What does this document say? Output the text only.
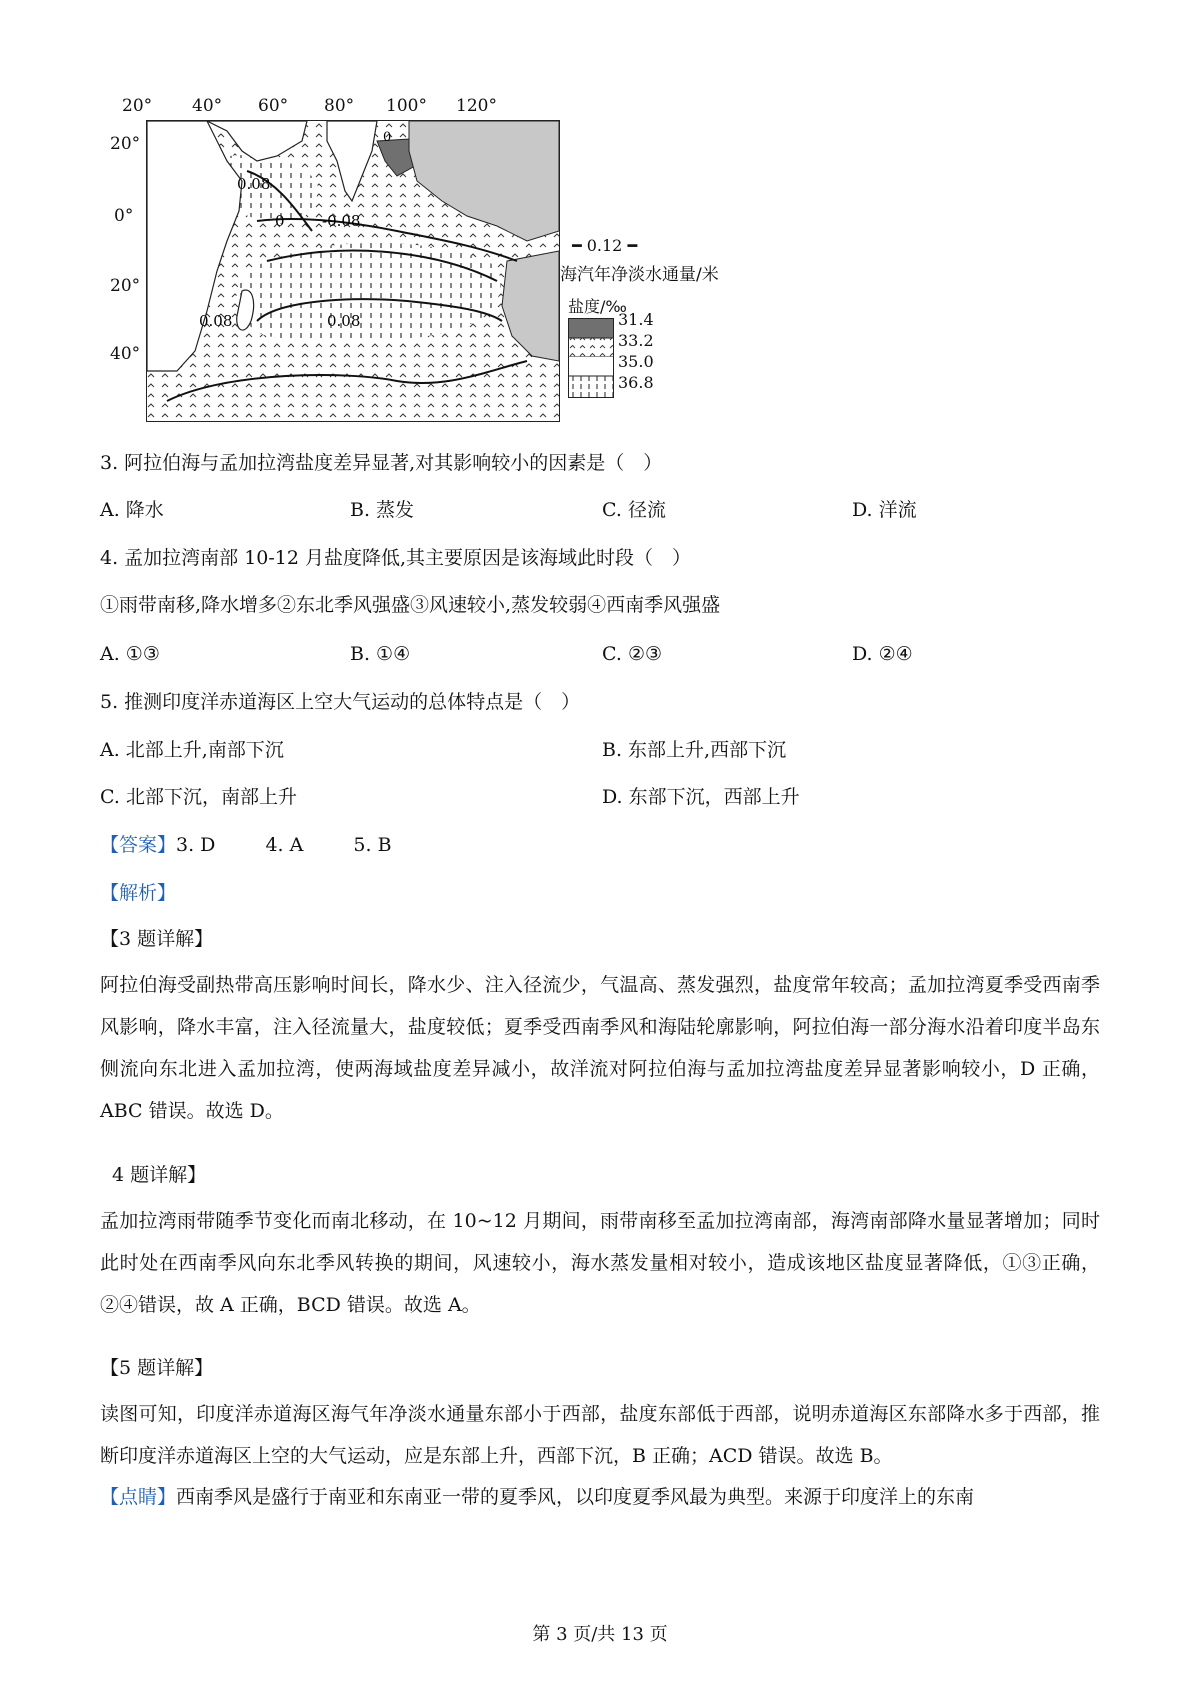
20° 40° 60° 80° 100° 120°
20°
0°
20°
40°
0.08
0 -0.08
0.08	0.08
0
━ 0.12 ━
海汽年净淡水通量/米
盐度/‰
31.4
33.2
35.0
36.8
3. 阿拉伯海与孟加拉湾盐度差异显著,对其影响较小的因素是（　）
A. 降水	B. 蒸发	C. 径流	D. 洋流
4. 孟加拉湾南部 10-12 月盐度降低,其主要原因是该海域此时段（　）
①雨带南移,降水增多②东北季风强盛③风速较小,蒸发较弱④西南季风强盛
A. ①③	B. ①④	C. ②③	D. ②④
5. 推测印度洋赤道海区上空大气运动的总体特点是（　）
A. 北部上升,南部下沉	B. 东部上升,西部下沉
C. 北部下沉，南部上升	D. 东部下沉，西部上升
【答案】3. D	4. A	5. B
【解析】
【3 题详解】
阿拉伯海受副热带高压影响时间长，降水少、注入径流少，气温高、蒸发强烈，盐度常年较高；孟加拉湾夏季受西南季风影响，降水丰富，注入径流量大，盐度较低；夏季受西南季风和海陆轮廓影响，阿拉伯海一部分海水沿着印度半岛东侧流向东北进入孟加拉湾，使两海域盐度差异减小，故洋流对阿拉伯海与孟加拉湾盐度差异显著影响较小，D 正确，ABC 错误。故选 D。
4 题详解】
孟加拉湾雨带随季节变化而南北移动，在 10~12 月期间，雨带南移至孟加拉湾南部，海湾南部降水量显著增加；同时此时处在西南季风向东北季风转换的期间，风速较小，海水蒸发量相对较小，造成该地区盐度显著降低，①③正确，②④错误，故 A 正确，BCD 错误。故选 A。
【5 题详解】
读图可知，印度洋赤道海区海气年净淡水通量东部小于西部，盐度东部低于西部，说明赤道海区东部降水多于西部，推断印度洋赤道海区上空的大气运动，应是东部上升，西部下沉，B 正确；ACD 错误。故选 B。
【点睛】西南季风是盛行于南亚和东南亚一带的夏季风，以印度夏季风最为典型。来源于印度洋上的东南
第 3 页/共 13 页
